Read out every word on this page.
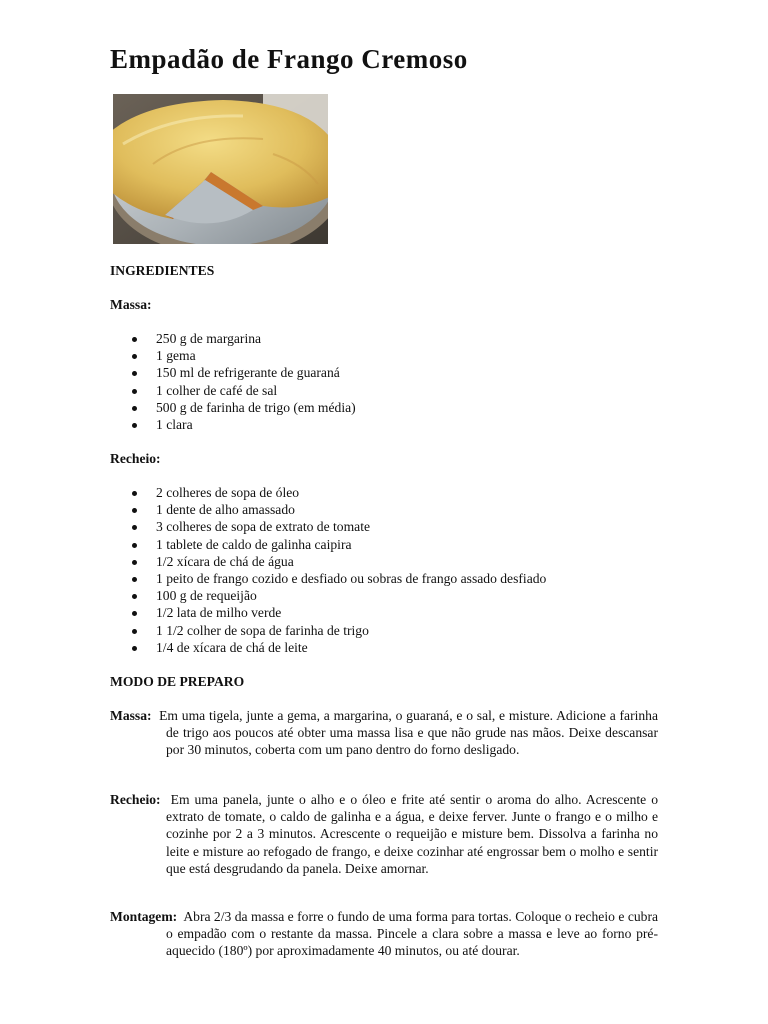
Empadão de Frango Cremoso
INGREDIENTES
Massa:
250 g de margarina
1 gema
150 ml de refrigerante de guaraná
1 colher de café de sal
500 g de farinha de trigo (em média)
1 clara
Recheio:
2 colheres de sopa de óleo
1 dente de alho amassado
3 colheres de sopa de extrato de tomate
1 tablete de caldo de galinha caipira
1/2 xícara de chá de água
1 peito de frango cozido e desfiado ou sobras de frango assado desfiado
100 g de requeijão
1/2 lata de milho verde
1 1/2 colher de sopa de farinha de trigo
1/4 de xícara de chá de leite
MODO DE PREPARO
Massa: Em uma tigela, junte a gema, a margarina, o guaraná, e o sal, e misture. Adicione a farinha de trigo aos poucos até obter uma massa lisa e que não grude nas mãos. Deixe descansar por 30 minutos, coberta com um pano dentro do forno desligado.
Recheio: Em uma panela, junte o alho e o óleo e frite até sentir o aroma do alho. Acrescente o extrato de tomate, o caldo de galinha e a água, e deixe ferver. Junte o frango e o milho e cozinhe por 2 a 3 minutos. Acrescente o requeijão e misture bem. Dissolva a farinha no leite e misture ao refogado de frango, e deixe cozinhar até engrossar bem o molho e sentir que está desgrudando da panela. Deixe amornar.
Montagem: Abra 2/3 da massa e forre o fundo de uma forma para tortas. Coloque o recheio e cubra o empadão com o restante da massa. Pincele a clara sobre a massa e leve ao forno pré-aquecido (180º) por aproximadamente 40 minutos, ou até dourar.
